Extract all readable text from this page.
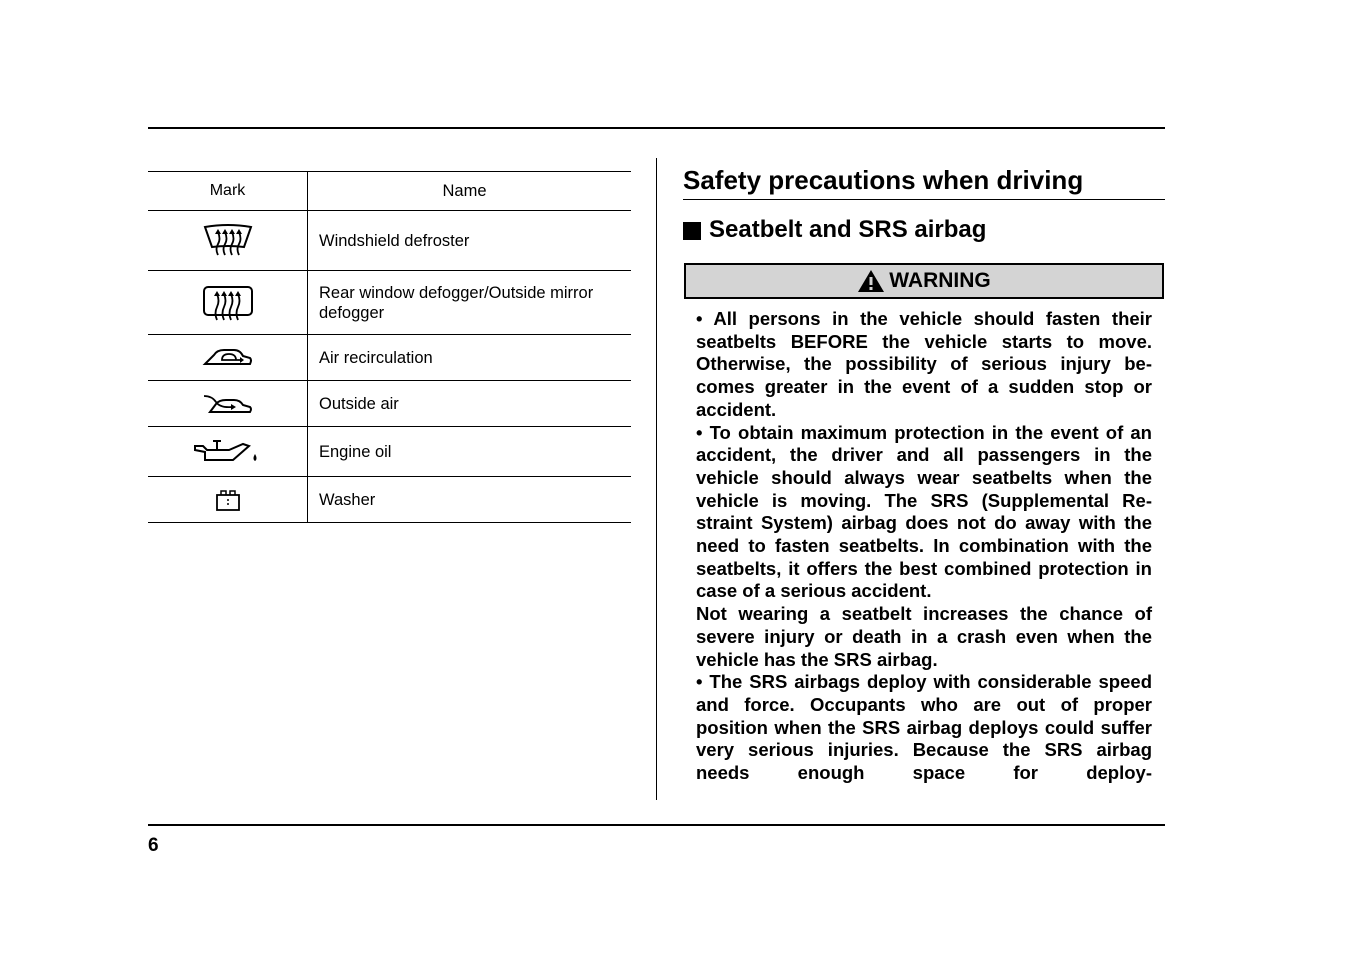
Mark	Name
Windshield defroster
Rear window defogger/Outside mirror defogger
Air recirculation
Outside air
Engine oil
Washer
Safety precautions when driving
Seatbelt and SRS airbag
WARNING

• All persons in the vehicle should fasten their seatbelts BEFORE the vehicle starts to move. Otherwise, the possibility of serious injury be- comes greater in the event of a sudden stop or accident.

• To obtain maximum protection in the event of an accident, the driver and all passengers in the vehicle should always wear seatbelts when the vehicle is moving. The SRS (Supplemental Re- straint System) airbag does not do away with the need to fasten seatbelts. In combination with the seatbelts, it offers the best combined protection in case of a serious accident.

Not wearing a seatbelt increases the chance of severe injury or death in a crash even when the vehicle has the SRS airbag.

• The SRS airbags deploy with considerable speed and force. Occupants who are out of proper position when the SRS airbag deploys could suffer very serious injuries. Because the SRS airbag needs enough space for deploy-

6
